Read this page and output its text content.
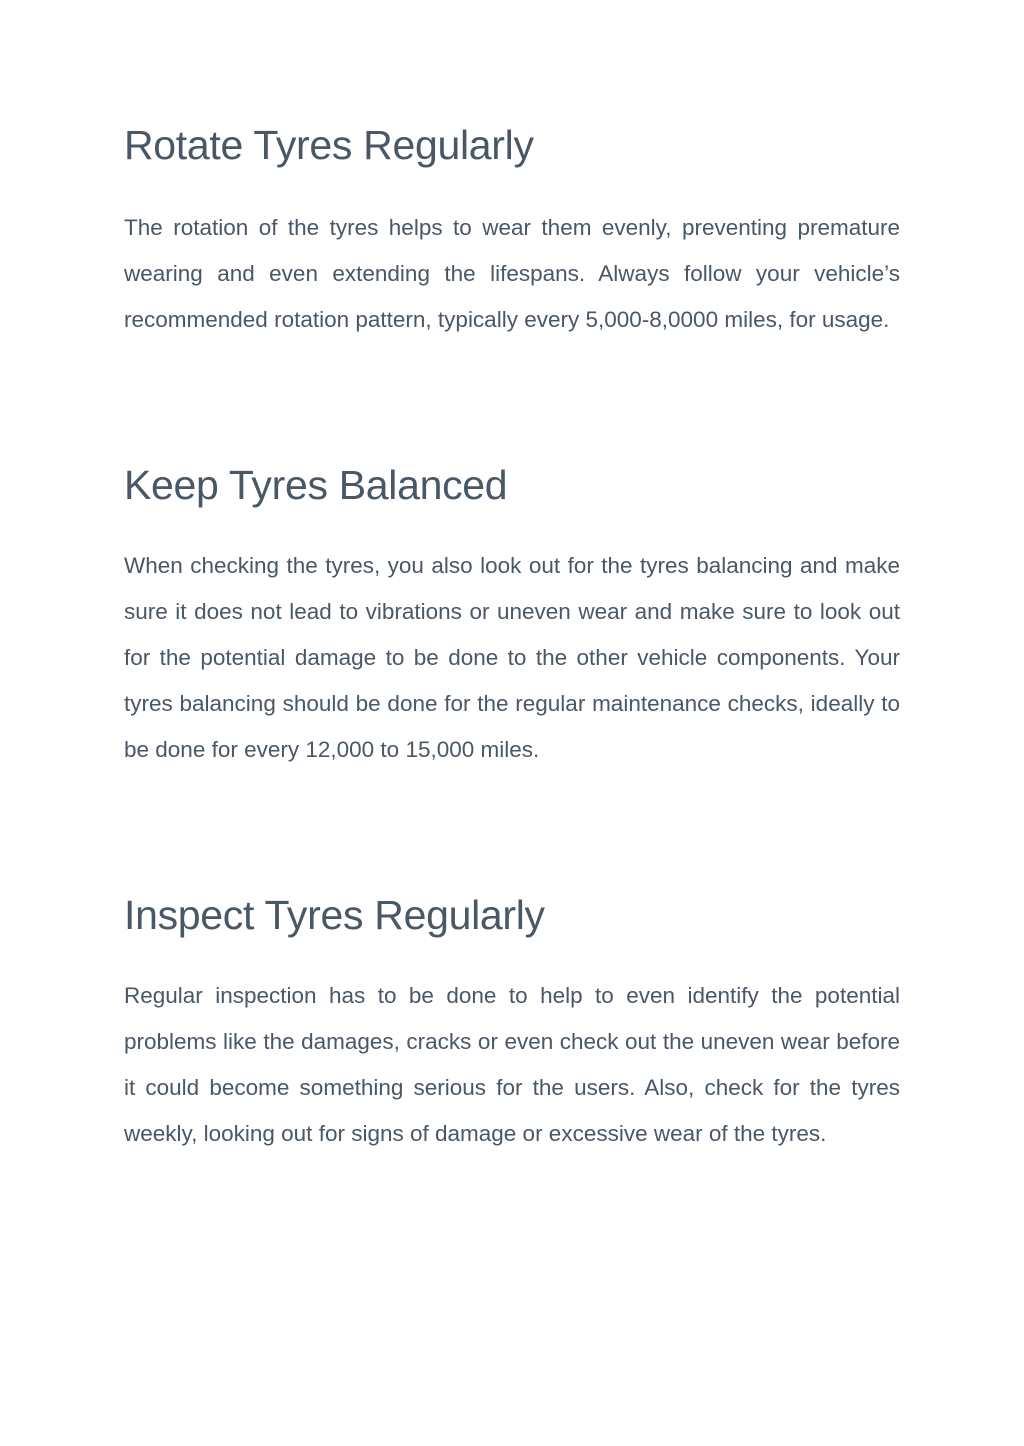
Rotate Tyres Regularly

The rotation of the tyres helps to wear them evenly, preventing premature wearing and even extending the lifespans. Always follow your vehicle’s recommended rotation pattern, typically every 5,000-8,0000 miles, for usage.

Keep Tyres Balanced

When checking the tyres, you also look out for the tyres balancing and make sure it does not lead to vibrations or uneven wear and make sure to look out for the potential damage to be done to the other vehicle components. Your tyres balancing should be done for the regular maintenance checks, ideally to be done for every 12,000 to 15,000 miles.

Inspect Tyres Regularly

Regular inspection has to be done to help to even identify the potential problems like the damages, cracks or even check out the uneven wear before it could become something serious for the users. Also, check for the tyres weekly, looking out for signs of damage or excessive wear of the tyres.
